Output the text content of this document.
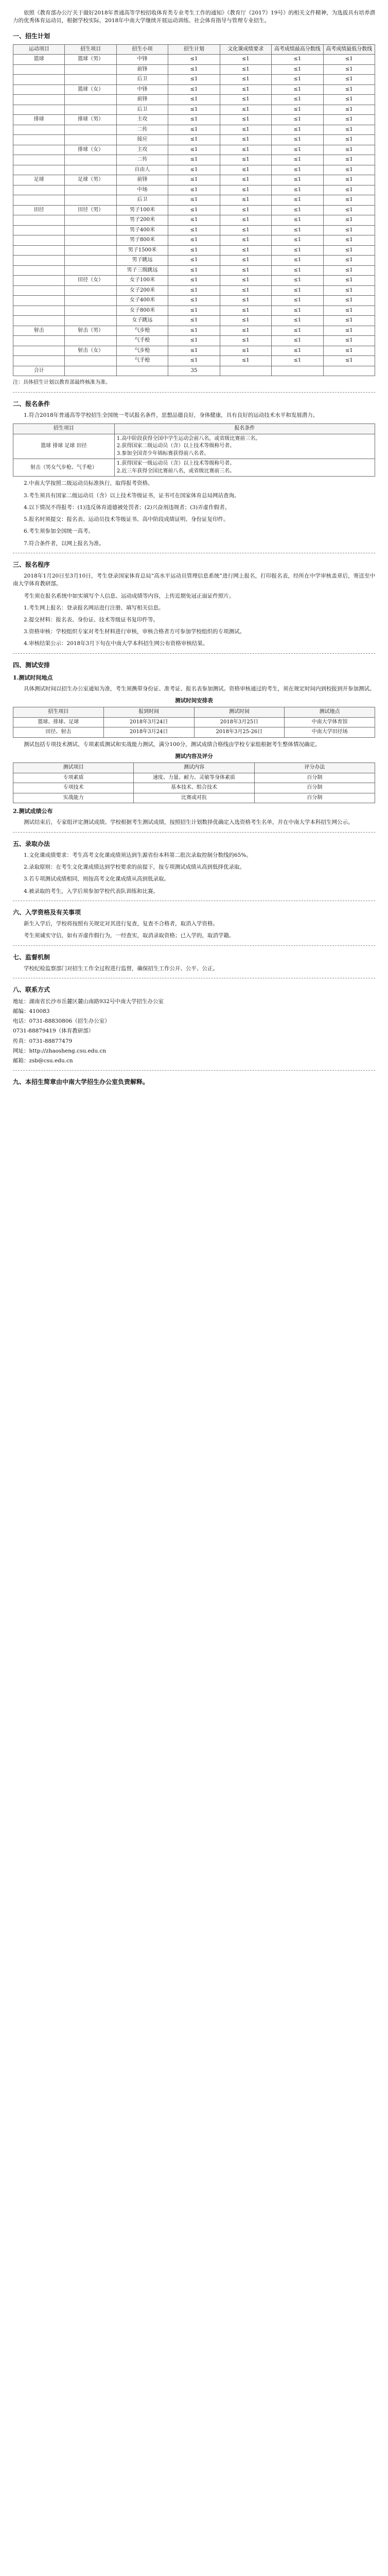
依照《教育部办公厅关于做好2018年普通高等学校招收体育类专业考生工作的通知》《教育厅《2017》19号》的相关文件精神，为选拔具有培养潜力的优秀体育运动员，根据学校实际，2018年中南大学继续开展运动训练、社会体育指导与管理专业招生。

一、招生计划
运动项目	招生项目	招生小项	招生计划	文化课成绩要求	高考成绩最高分数线	高考成绩最低分数线
篮球	篮球（男）	中锋	≤1	≤1	≤1	≤1
		前锋	≤1	≤1	≤1	≤1
		后卫	≤1	≤1	≤1	≤1
	篮球（女）	中锋	≤1	≤1	≤1	≤1
		前锋	≤1	≤1	≤1	≤1
		后卫	≤1	≤1	≤1	≤1
排球	排球（男）	主攻	≤1	≤1	≤1	≤1
		二传	≤1	≤1	≤1	≤1
		接应	≤1	≤1	≤1	≤1
	排球（女）	主攻	≤1	≤1	≤1	≤1
		二传	≤1	≤1	≤1	≤1
		自由人	≤1	≤1	≤1	≤1
足球	足球（男）	前锋	≤1	≤1	≤1	≤1
		中场	≤1	≤1	≤1	≤1
		后卫	≤1	≤1	≤1	≤1
田径	田径（男）	男子100米	≤1	≤1	≤1	≤1
		男子200米	≤1	≤1	≤1	≤1
		男子400米	≤1	≤1	≤1	≤1
		男子800米	≤1	≤1	≤1	≤1
		男子1500米	≤1	≤1	≤1	≤1
		男子跳远	≤1	≤1	≤1	≤1
		男子三级跳远	≤1	≤1	≤1	≤1
	田径（女）	女子100米	≤1	≤1	≤1	≤1
		女子200米	≤1	≤1	≤1	≤1
		女子400米	≤1	≤1	≤1	≤1
		女子800米	≤1	≤1	≤1	≤1
		女子跳远	≤1	≤1	≤1	≤1
射击	射击（男）	气步枪	≤1	≤1	≤1	≤1
		气手枪	≤1	≤1	≤1	≤1
	射击（女）	气步枪	≤1	≤1	≤1	≤1
		气手枪	≤1	≤1	≤1	≤1
合计			35			

注：具体招生计划以教育部最终核准为准。

二、报名条件

1.符合2018年普通高等学校招生全国统一考试报名条件，思想品德良好，身体健康，具有良好的运动技术水平和发展潜力。

招生项目	报名条件
篮球 排球 足球 田径	1.高中阶段获得全国中学生运动会前八名，或省级比赛前三名。
2.获得国家二级运动员（含）以上技术等级称号者。
3.参加全国青少年锦标赛获得前八名者。
射击（男女气步枪、气手枪）	1.获得国家一级运动员（含）以上技术等级称号者。
2.近三年获得全国比赛前八名，或省级比赛前三名。

2.中南大学按照二级运动员标准执行，取得报考资格。

3.考生须具有国家二级运动员（含）以上技术等级证书，证书可在国家体育总局网站查询。

4.以下情况不得报考：(1)违反体育道德被处罚者；(2)兴奋剂违规者；(3)弄虚作假者。

5.报名时须提交：报名表、运动员技术等级证书、高中阶段成绩证明、身份证复印件。

6.考生须参加全国统一高考。

7.符合条件者，以网上报名为准。

三、报名程序

2018年1月20日至3月10日，考生登录国家体育总局“高水平运动员管理信息系统”进行网上报名，打印报名表，经所在中学审核盖章后，寄送至中南大学体育教研部。

考生须在报名系统中如实填写个人信息、运动成绩等内容，上传近期免冠正面证件照片。

1.考生网上报名：登录报名网站进行注册、填写相关信息。

2.提交材料：报名表、身份证、技术等级证书复印件等。

3.资格审核：学校组织专家对考生材料进行审核，审核合格者方可参加学校组织的专项测试。

4.审核结果公示：2018年3月下旬在中南大学本科招生网公布资格审核结果。

四、测试安排
1.测试时间地点

具体测试时间以招生办公室通知为准，考生须携带身份证、准考证、报名表参加测试。资格审核通过的考生，须在规定时间内到校报到并参加测试。

测试时间安排表

招生项目	报到时间	测试时间	测试地点
篮球、排球、足球	2018年3月24日	2018年3月25日	中南大学体育馆
田径、射击	2018年3月24日	2018年3月25-26日	中南大学田径场

测试包括专项技术测试、专项素质测试和实战能力测试，满分100分，测试成绩合格线由学校专家组根据考生整体情况确定。

测试内容及评分

测试项目	测试内容	评分办法
专项素质	速度、力量、耐力、灵敏等身体素质	百分制
专项技术	基本技术、组合技术	百分制
实战能力	比赛或对抗	百分制
2.测试成绩公布

测试结束后，专家组评定测试成绩。学校根据考生测试成绩，按照招生计划数择优确定入选资格考生名单，并在中南大学本科招生网公示。

五、录取办法

1.文化课成绩要求：考生高考文化课成绩须达到生源省份本科第二批次录取控制分数线的65%。

2.录取原则：在考生文化课成绩达到学校要求的前提下，按专项测试成绩从高到低择优录取。

3.若专项测试成绩相同，则按高考文化课成绩从高到低录取。

4.被录取的考生，入学后须参加学校代表队训练和比赛。

六、入学资格及有关事项

新生入学后，学校将按照有关规定对其进行复查，复查不合格者，取消入学资格。

考生须诚实守信，如有弄虚作假行为，一经查实，取消录取资格；已入学的，取消学籍。

七、监督机制

学校纪检监察部门对招生工作全过程进行监督，确保招生工作公开、公平、公正。

八、联系方式

地址：湖南省长沙市岳麓区麓山南路932号中南大学招生办公室

邮编：410083

电话：0731-88830806（招生办公室）

0731-88879419（体育教研部）

传真：0731-88877479

网址：http://zhaosheng.csu.edu.cn

邮箱：zsb@csu.edu.cn

九、本招生简章由中南大学招生办公室负责解释。
